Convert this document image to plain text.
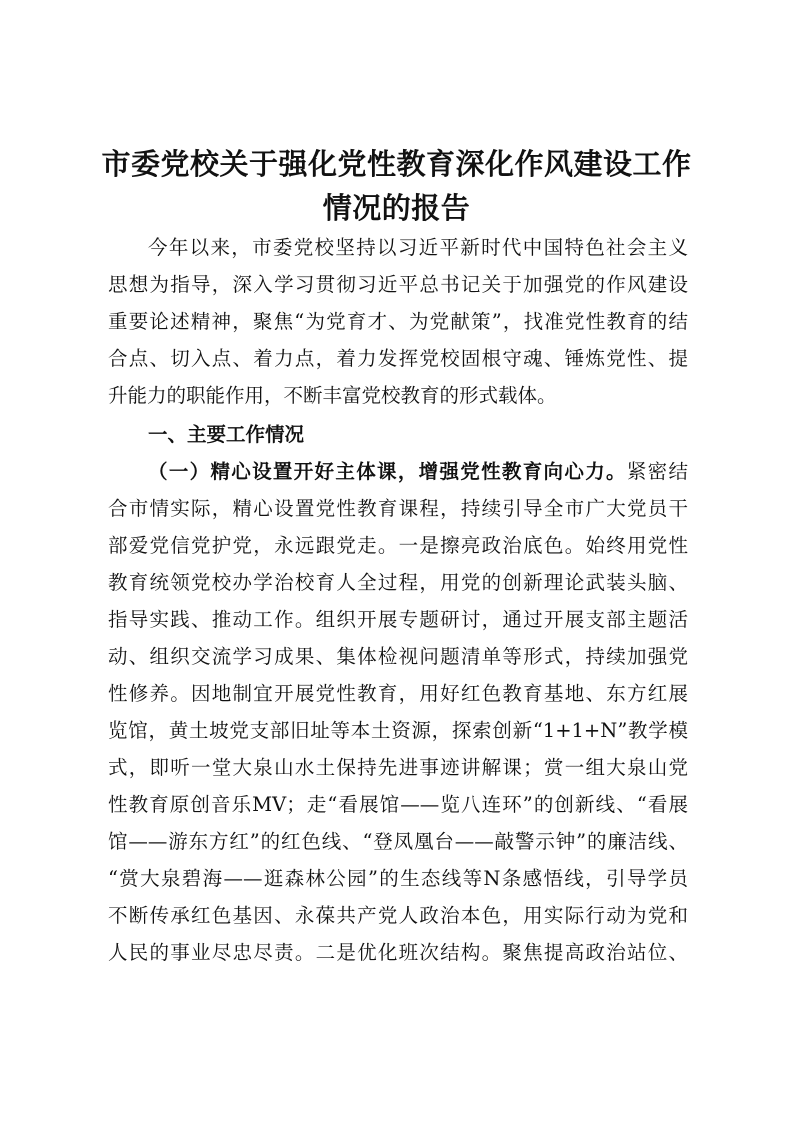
市委党校关于强化党性教育深化作风建设工作
情况的报告

今年以来，市委党校坚持以习近平新时代中国特色社会主义

思想为指导，深入学习贯彻习近平总书记关于加强党的作风建设

重要论述精神，聚焦“为党育才、为党献策”，找准党性教育的结

合点、切入点、着力点，着力发挥党校固根守魂、锤炼党性、提

升能力的职能作用，不断丰富党校教育的形式载体。

一、主要工作情况

（一）精心设置开好主体课，增强党性教育向心力。紧密结

合市情实际，精心设置党性教育课程，持续引导全市广大党员干

部爱党信党护党，永远跟党走。一是擦亮政治底色。始终用党性

教育统领党校办学治校育人全过程，用党的创新理论武装头脑、

指导实践、推动工作。组织开展专题研讨，通过开展支部主题活

动、组织交流学习成果、集体检视问题清单等形式，持续加强党

性修养。因地制宜开展党性教育，用好红色教育基地、东方红展

览馆，黄土坡党支部旧址等本土资源，探索创新“1+1+N”教学模

式，即听一堂大泉山水土保持先进事迹讲解课；赏一组大泉山党

性教育原创音乐MV；走“看展馆——览八连环”的创新线、“看展

馆——游东方红”的红色线、“登凤凰台——敲警示钟”的廉洁线、

“赏大泉碧海——逛森林公园”的生态线等N条感悟线，引导学员

不断传承红色基因、永葆共产党人政治本色，用实际行动为党和

人民的事业尽忠尽责。二是优化班次结构。聚焦提高政治站位、
